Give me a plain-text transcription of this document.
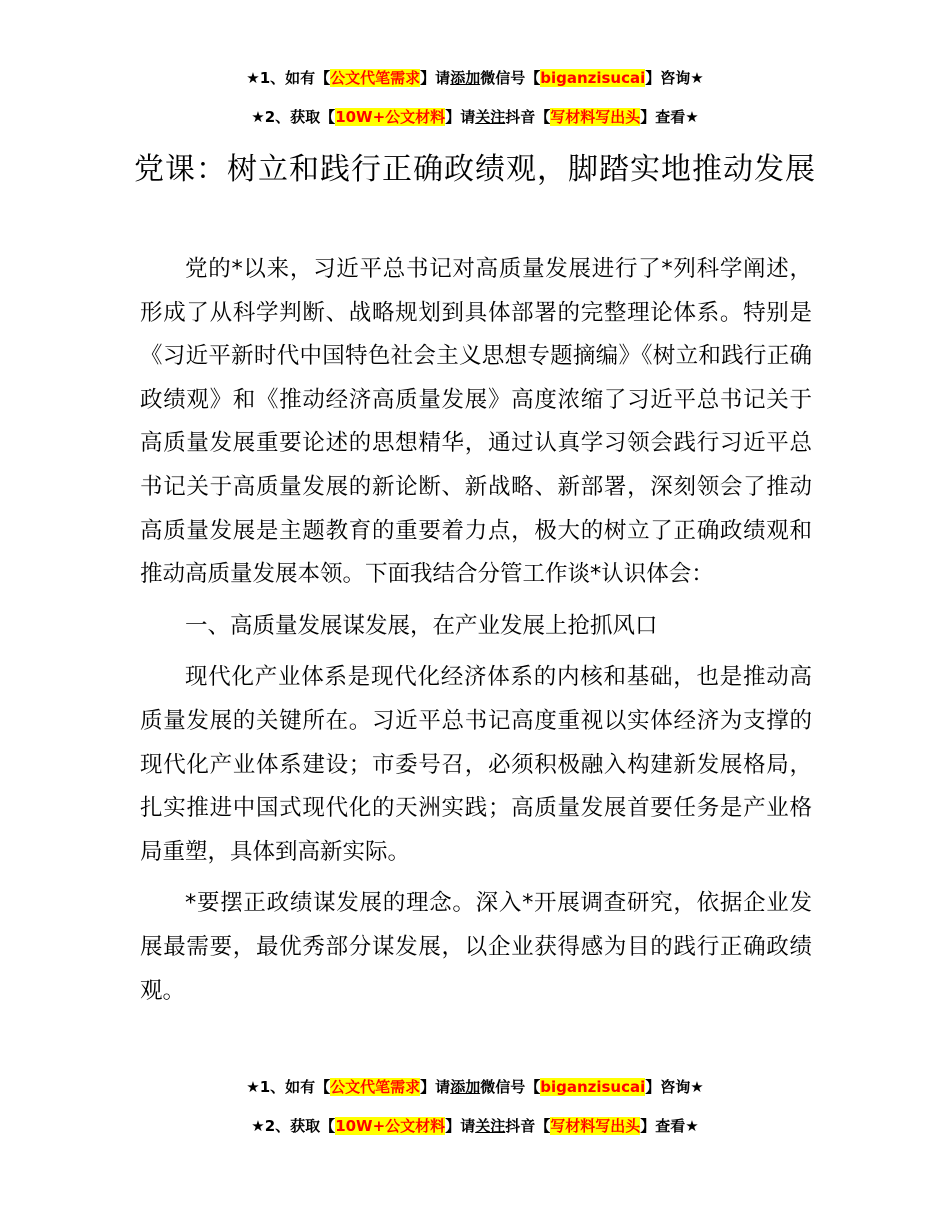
★1、如有【公文代笔需求】请添加微信号【biganzisucai】咨询★
★2、获取【10W+公文材料】请关注抖音【写材料写出头】查看★
党课：树立和践行正确政绩观，脚踏实地推动发展

党的*以来，习近平总书记对高质量发展进行了*列科学阐述，形成了从科学判断、战略规划到具体部署的完整理论体系。特别是《习近平新时代中国特色社会主义思想专题摘编》《树立和践行正确政绩观》和《推动经济高质量发展》高度浓缩了习近平总书记关于高质量发展重要论述的思想精华，通过认真学习领会践行习近平总书记关于高质量发展的新论断、新战略、新部署，深刻领会了推动高质量发展是主题教育的重要着力点，极大的树立了正确政绩观和推动高质量发展本领。下面我结合分管工作谈*认识体会：

一、高质量发展谋发展，在产业发展上抢抓风口

现代化产业体系是现代化经济体系的内核和基础，也是推动高质量发展的关键所在。习近平总书记高度重视以实体经济为支撑的现代化产业体系建设；市委号召，必须积极融入构建新发展格局，扎实推进中国式现代化的天洲实践；高质量发展首要任务是产业格局重塑，具体到高新实际。

*要摆正政绩谋发展的理念。深入*开展调查研究，依据企业发展最需要，最优秀部分谋发展，以企业获得感为目的践行正确政绩观。

★1、如有【公文代笔需求】请添加微信号【biganzisucai】咨询★
★2、获取【10W+公文材料】请关注抖音【写材料写出头】查看★
